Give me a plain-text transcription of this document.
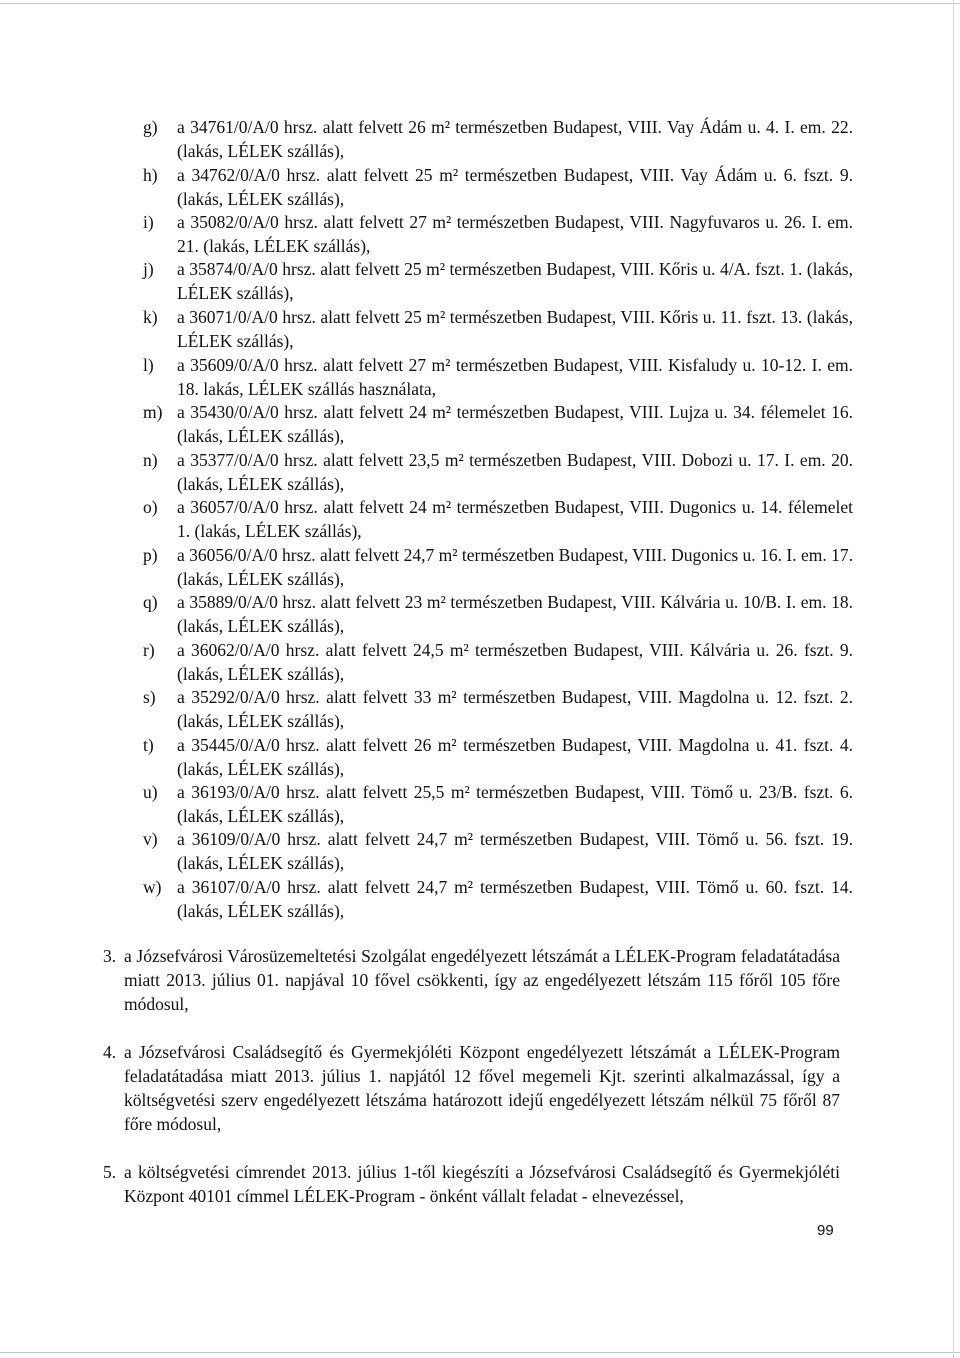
g)	a 34761/0/A/0 hrsz. alatt felvett 26 m² természetben Budapest, VIII. Vay Ádám u. 4. I. em. 22. (lakás, LÉLEK szállás),
h)	a 34762/0/A/0 hrsz. alatt felvett 25 m² természetben Budapest, VIII. Vay Ádám u. 6. fszt. 9. (lakás, LÉLEK szállás),
i)	a 35082/0/A/0 hrsz. alatt felvett 27 m² természetben Budapest, VIII. Nagyfuvaros u. 26. I. em. 21. (lakás, LÉLEK szállás),
j)	a 35874/0/A/0 hrsz. alatt felvett 25 m² természetben Budapest, VIII. Kőris u. 4/A. fszt. 1. (lakás, LÉLEK szállás),
k)	a 36071/0/A/0 hrsz. alatt felvett 25 m² természetben Budapest, VIII. Kőris u. 11. fszt. 13. (lakás, LÉLEK szállás),
l)	a 35609/0/A/0 hrsz. alatt felvett 27 m² természetben Budapest, VIII. Kisfaludy u. 10-12. I. em. 18. lakás, LÉLEK szállás használata,
m) a 35430/0/A/0 hrsz. alatt felvett 24 m² természetben Budapest, VIII. Lujza u. 34. félemelet 16. (lakás, LÉLEK szállás),
n)	a 35377/0/A/0 hrsz. alatt felvett 23,5 m² természetben Budapest, VIII. Dobozi u. 17. I. em. 20. (lakás, LÉLEK szállás),
o)	a 36057/0/A/0 hrsz. alatt felvett 24 m² természetben Budapest, VIII. Dugonics u. 14. félemelet 1. (lakás, LÉLEK szállás),
p)	a 36056/0/A/0 hrsz. alatt felvett 24,7 m² természetben Budapest, VIII. Dugonics u. 16. I. em. 17. (lakás, LÉLEK szállás),
q)	a 35889/0/A/0 hrsz. alatt felvett 23 m² természetben Budapest, VIII. Kálvária u. 10/B. I. em. 18. (lakás, LÉLEK szállás),
r)	a 36062/0/A/0 hrsz. alatt felvett 24,5 m² természetben Budapest, VIII. Kálvária u. 26. fszt. 9. (lakás, LÉLEK szállás),
s)	a 35292/0/A/0 hrsz. alatt felvett 33 m² természetben Budapest, VIII. Magdolna u. 12. fszt. 2. (lakás, LÉLEK szállás),
t)	a 35445/0/A/0 hrsz. alatt felvett 26 m² természetben Budapest, VIII. Magdolna u. 41. fszt. 4. (lakás, LÉLEK szállás),
u)	a 36193/0/A/0 hrsz. alatt felvett 25,5 m² természetben Budapest, VIII. Tömő u. 23/B. fszt. 6. (lakás, LÉLEK szállás),
v)	a 36109/0/A/0 hrsz. alatt felvett 24,7 m² természetben Budapest, VIII. Tömő u. 56. fszt. 19. (lakás, LÉLEK szállás),
w) a 36107/0/A/0 hrsz. alatt felvett 24,7 m² természetben Budapest, VIII. Tömő u. 60. fszt. 14. (lakás, LÉLEK szállás),
3. a Józsefvárosi Városüzemeltetési Szolgálat engedélyezett létszámát a LÉLEK-Program feladatátadása miatt 2013. július 01. napjával 10 fővel csökkenti, így az engedélyezett létszám 115 főről 105 főre módosul,
4. a Józsefvárosi Családsegítő és Gyermekjóléti Központ engedélyezett létszámát a LÉLEK-Program feladatátadása miatt 2013. július 1. napjától 12 fővel megemeli Kjt. szerinti alkalmazással, így a költségvetési szerv engedélyezett létszáma határozott idejű engedélyezett létszám nélkül 75 főről 87 főre módosul,
5. a költségvetési címrendet 2013. július 1-től kiegészíti a Józsefvárosi Családsegítő és Gyermekjóléti Központ 40101 címmel LÉLEK-Program - önként vállalt feladat - elnevezéssel,
99
